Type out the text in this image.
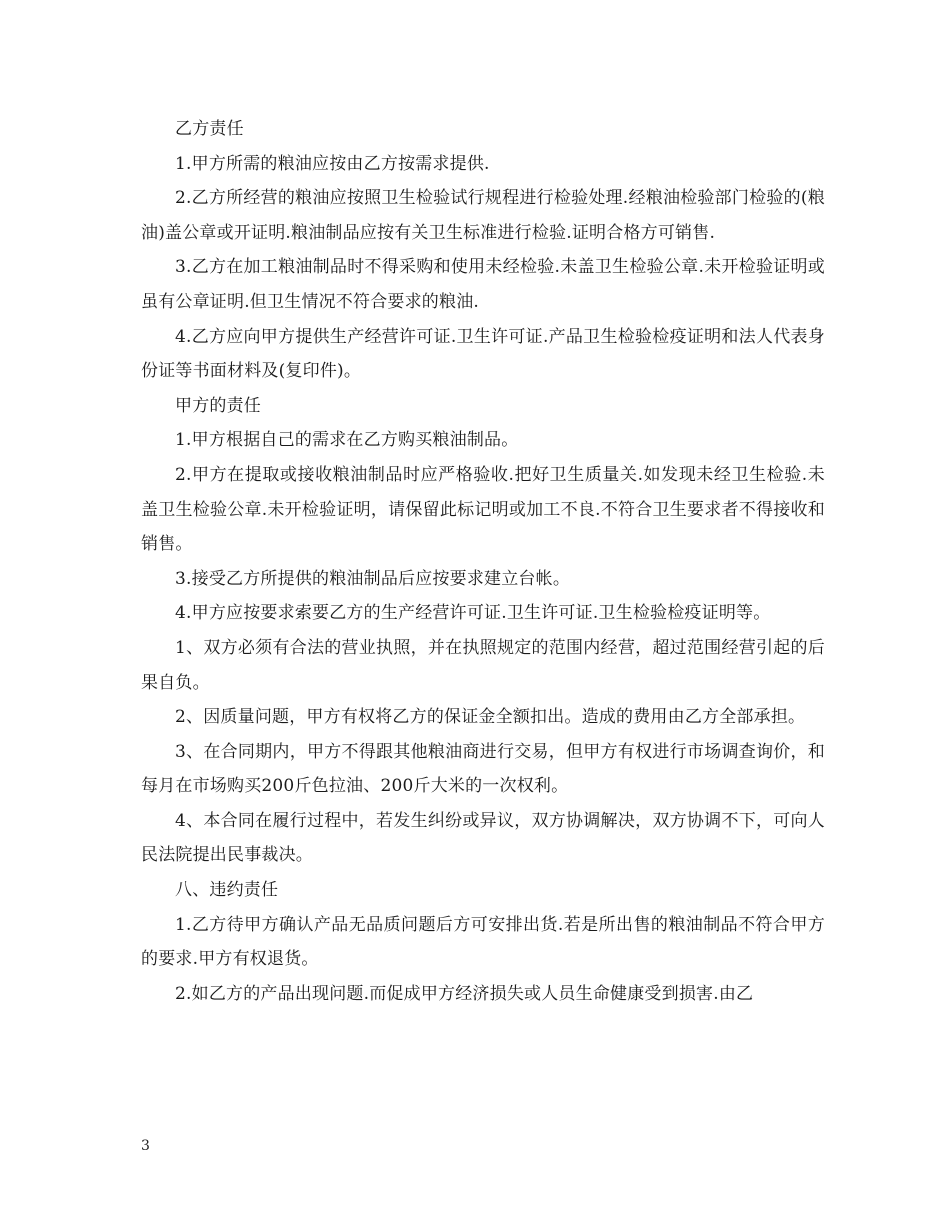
乙方责任

1.甲方所需的粮油应按由乙方按需求提供.

2.乙方所经营的粮油应按照卫生检验试行规程进行检验处理.经粮油检验部门检验的(粮油)盖公章或开证明.粮油制品应按有关卫生标准进行检验.证明合格方可销售.

3.乙方在加工粮油制品时不得采购和使用未经检验.未盖卫生检验公章.未开检验证明或虽有公章证明.但卫生情况不符合要求的粮油.

4.乙方应向甲方提供生产经营许可证.卫生许可证.产品卫生检验检疫证明和法人代表身份证等书面材料及(复印件)。

甲方的责任

1.甲方根据自己的需求在乙方购买粮油制品。

2.甲方在提取或接收粮油制品时应严格验收.把好卫生质量关.如发现未经卫生检验.未盖卫生检验公章.未开检验证明，请保留此标记明或加工不良.不符合卫生要求者不得接收和销售。

3.接受乙方所提供的粮油制品后应按要求建立台帐。

4.甲方应按要求索要乙方的生产经营许可证.卫生许可证.卫生检验检疫证明等。

1、双方必须有合法的营业执照，并在执照规定的范围内经营，超过范围经营引起的后果自负。

2、因质量问题，甲方有权将乙方的保证金全额扣出。造成的费用由乙方全部承担。

3、在合同期内，甲方不得跟其他粮油商进行交易，但甲方有权进行市场调查询价，和每月在市场购买200斤色拉油、200斤大米的一次权利。

4、本合同在履行过程中，若发生纠纷或异议，双方协调解决，双方协调不下，可向人民法院提出民事裁决。

八、违约责任

1.乙方待甲方确认产品无品质问题后方可安排出货.若是所出售的粮油制品不符合甲方的要求.甲方有权退货。

2.如乙方的产品出现问题.而促成甲方经济损失或人员生命健康受到损害.由乙

3
